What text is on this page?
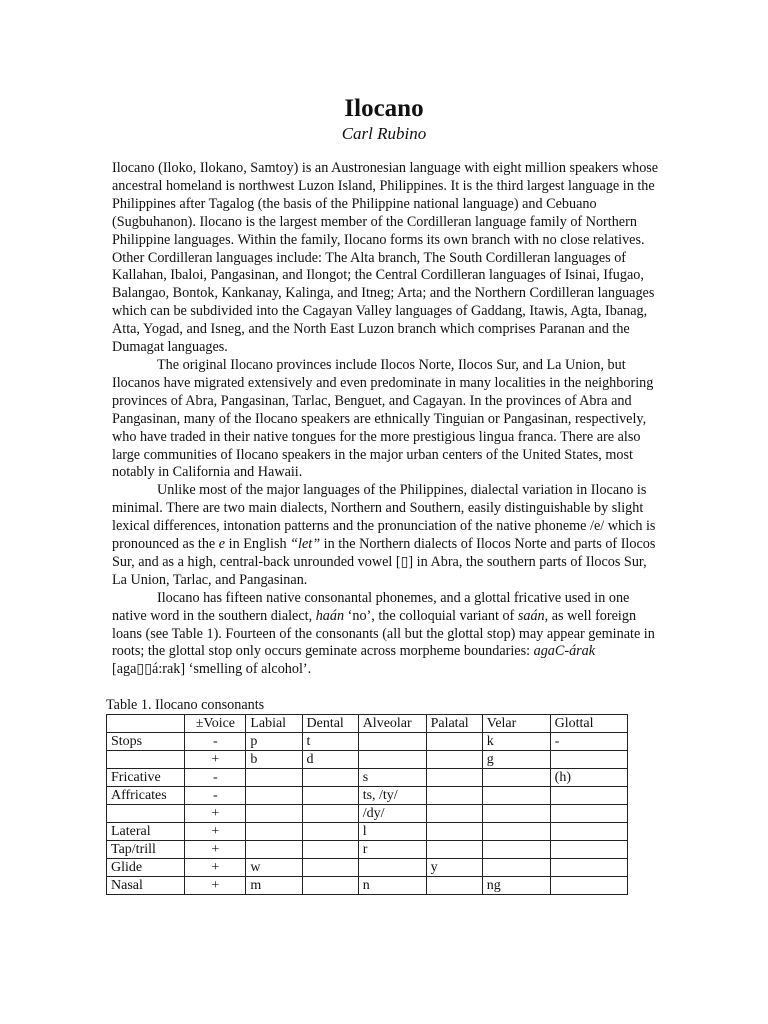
Ilocano
Carl Rubino

Ilocano (Iloko, Ilokano, Samtoy) is an Austronesian language with eight million speakers whose ancestral homeland is northwest Luzon Island, Philippines. It is the third largest language in the Philippines after Tagalog (the basis of the Philippine national language) and Cebuano (Sugbuhanon). Ilocano is the largest member of the Cordilleran language family of Northern Philippine languages. Within the family, Ilocano forms its own branch with no close relatives. Other Cordilleran languages include: The Alta branch, The South Cordilleran languages of Kallahan, Ibaloi, Pangasinan, and Ilongot; the Central Cordilleran languages of Isinai, Ifugao, Balangao, Bontok, Kankanay, Kalinga, and Itneg; Arta; and the Northern Cordilleran languages which can be subdivided into the Cagayan Valley languages of Gaddang, Itawis, Agta, Ibanag, Atta, Yogad, and Isneg, and the North East Luzon branch which comprises Paranan and the Dumagat languages.

The original Ilocano provinces include Ilocos Norte, Ilocos Sur, and La Union, but Ilocanos have migrated extensively and even predominate in many localities in the neighboring provinces of Abra, Pangasinan, Tarlac, Benguet, and Cagayan. In the provinces of Abra and Pangasinan, many of the Ilocano speakers are ethnically Tinguian or Pangasinan, respectively, who have traded in their native tongues for the more prestigious lingua franca. There are also large communities of Ilocano speakers in the major urban centers of the United States, most notably in California and Hawaii.

Unlike most of the major languages of the Philippines, dialectal variation in Ilocano is minimal. There are two main dialects, Northern and Southern, easily distinguishable by slight lexical differences, intonation patterns and the pronunciation of the native phoneme /e/ which is pronounced as the e in English “let” in the Northern dialects of Ilocos Norte and parts of Ilocos Sur, and as a high, central-back unrounded vowel [▯] in Abra, the southern parts of Ilocos Sur, La Union, Tarlac, and Pangasinan.

Ilocano has fifteen native consonantal phonemes, and a glottal fricative used in one native word in the southern dialect, haán ‘no’, the colloquial variant of saán, as well foreign loans (see Table 1). Fourteen of the consonants (all but the glottal stop) may appear geminate in roots; the glottal stop only occurs geminate across morpheme boundaries: agaC-árak [aga▯▯á:rak] ‘smelling of alcohol’.

Table 1. Ilocano consonants
	±Voice	Labial	Dental	Alveolar	Palatal	Velar	Glottal
Stops	-	p	t			k	-
	+	b	d			g	
Fricative	-			s			(h)
Affricates	-			ts, /ty/			
	+			/dy/			
Lateral	+			l			
Tap/trill	+			r			
Glide	+	w			y		
Nasal	+	m		n		ng	
